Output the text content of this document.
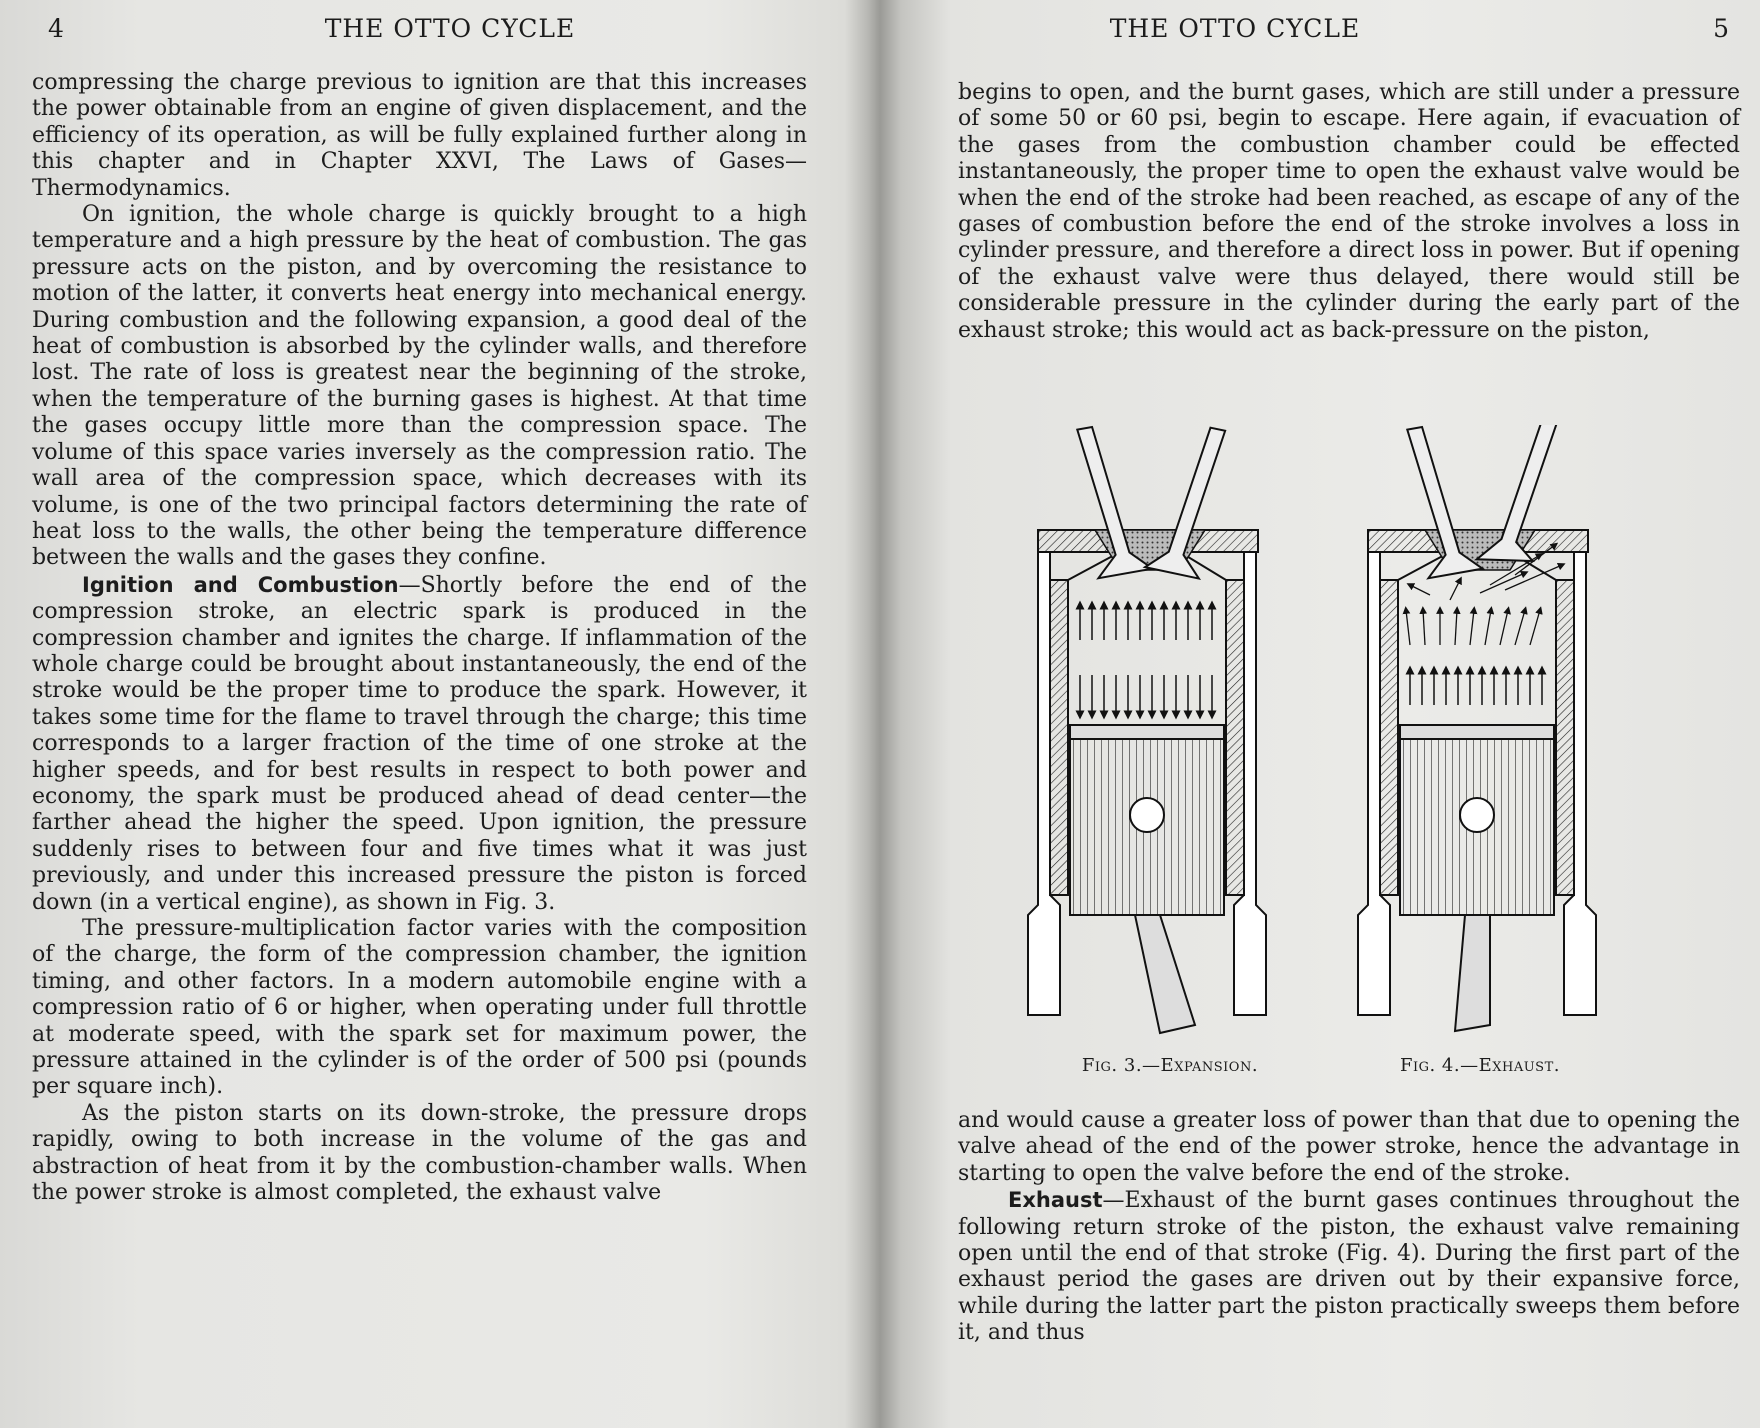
4	THE OTTO CYCLE

compressing the charge previous to ignition are that this increases the power obtainable from an engine of given displacement, and the efficiency of its operation, as will be fully explained further along in this chapter and in Chapter XXVI, The Laws of Gases—Thermodynamics.

On ignition, the whole charge is quickly brought to a high temperature and a high pressure by the heat of combustion. The gas pressure acts on the piston, and by overcoming the resistance to motion of the latter, it converts heat energy into mechanical energy. During combustion and the following expansion, a good deal of the heat of combustion is absorbed by the cylinder walls, and therefore lost. The rate of loss is greatest near the beginning of the stroke, when the temperature of the burning gases is highest. At that time the gases occupy little more than the compression space. The volume of this space varies inversely as the compression ratio. The wall area of the compression space, which decreases with its volume, is one of the two principal factors determining the rate of heat loss to the walls, the other being the temperature difference between the walls and the gases they confine.

Ignition and Combustion—Shortly before the end of the compression stroke, an electric spark is produced in the compression chamber and ignites the charge. If inflammation of the whole charge could be brought about instantaneously, the end of the stroke would be the proper time to produce the spark. However, it takes some time for the flame to travel through the charge; this time corresponds to a larger fraction of the time of one stroke at the higher speeds, and for best results in respect to both power and economy, the spark must be produced ahead of dead center—the farther ahead the higher the speed. Upon ignition, the pressure suddenly rises to between four and five times what it was just previously, and under this increased pressure the piston is forced down (in a vertical engine), as shown in Fig. 3.

The pressure-multiplication factor varies with the composition of the charge, the form of the compression chamber, the ignition timing, and other factors. In a modern automobile engine with a compression ratio of 6 or higher, when operating under full throttle at moderate speed, with the spark set for maximum power, the pressure attained in the cylinder is of the order of 500 psi (pounds per square inch).

As the piston starts on its down-stroke, the pressure drops rapidly, owing to both increase in the volume of the gas and abstraction of heat from it by the combustion-chamber walls. When the power stroke is almost completed, the exhaust valve

THE OTTO CYCLE	5

begins to open, and the burnt gases, which are still under a pressure of some 50 or 60 psi, begin to escape. Here again, if evacuation of the gases from the combustion chamber could be effected instantaneously, the proper time to open the exhaust valve would be when the end of the stroke had been reached, as escape of any of the gases of combustion before the end of the stroke involves a loss in cylinder pressure, and therefore a direct loss in power. But if opening of the exhaust valve were thus delayed, there would still be considerable pressure in the cylinder during the early part of the exhaust stroke; this would act as back-pressure on the piston,

Fig. 3.—Expansion.	Fig. 4.—Exhaust.

and would cause a greater loss of power than that due to opening the valve ahead of the end of the power stroke, hence the advantage in starting to open the valve before the end of the stroke.

Exhaust—Exhaust of the burnt gases continues throughout the following return stroke of the piston, the exhaust valve remaining open until the end of that stroke (Fig. 4). During the first part of the exhaust period the gases are driven out by their expansive force, while during the latter part the piston practically sweeps them before it, and thus
